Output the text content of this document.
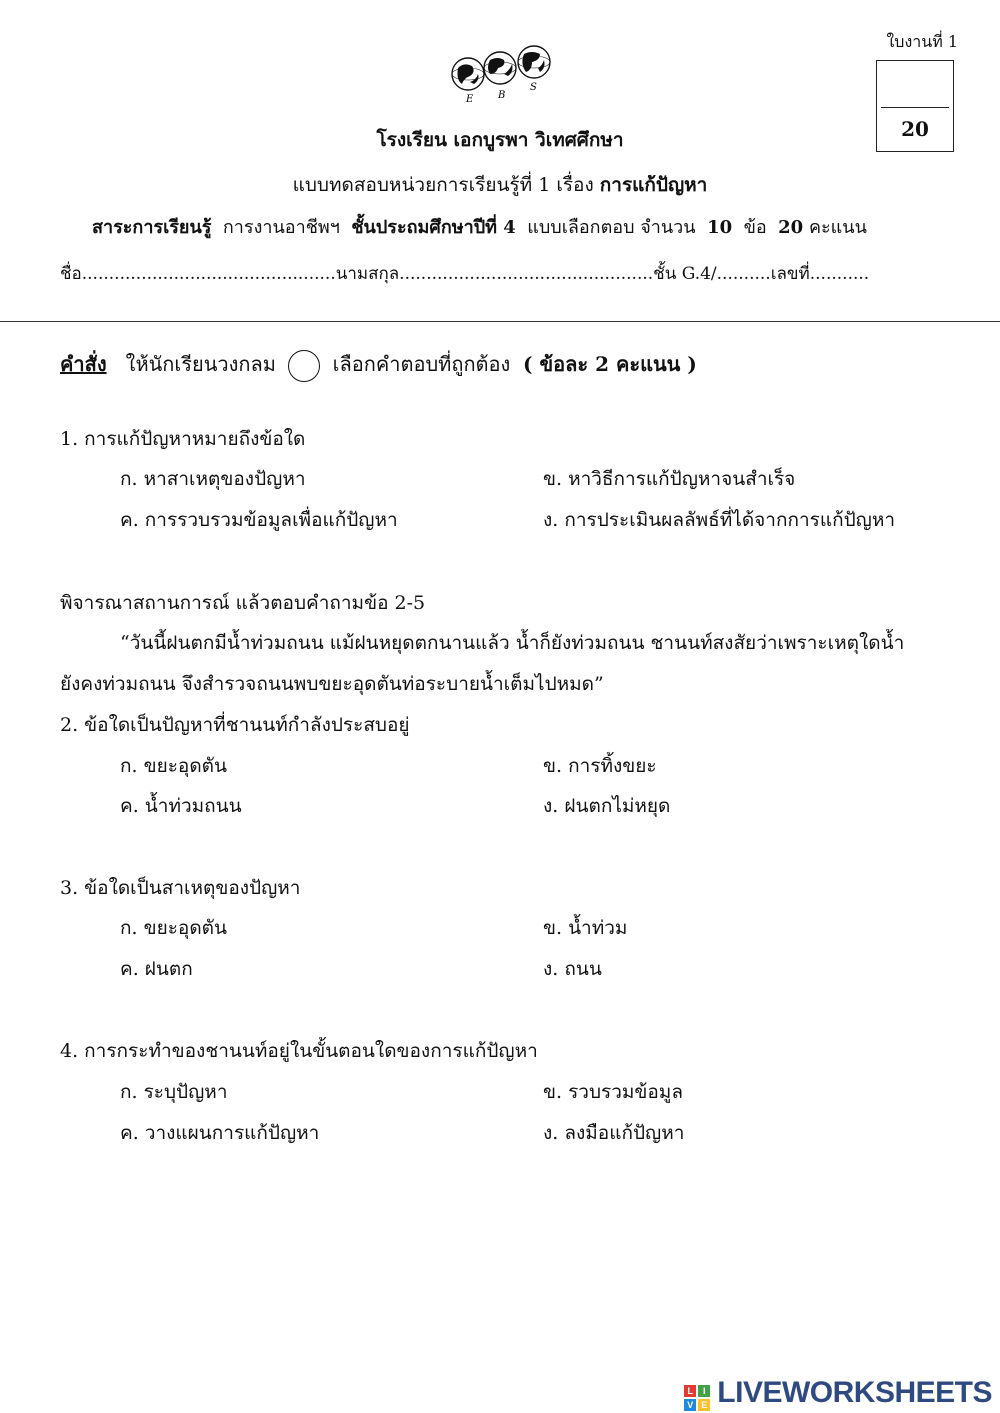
ใบงานที่ 1
20
E B
S
โรงเรียน เอกบูรพา วิเทศศึกษา
แบบทดสอบหน่วยการเรียนรู้ที่ 1 เรื่อง การแก้ปัญหา
สาระการเรียนรู้ การงานอาชีพฯ ชั้นประถมศึกษาปีที่ 4 แบบเลือกตอบ จำนวน 10 ข้อ 20 คะแนน
ชื่อ...............................................นามสกุล...............................................ชั้น G.4/..........เลขที่...........
คำสั่ง ให้นักเรียนวงกลม	เลือกคำตอบที่ถูกต้อง ( ข้อละ 2 คะแนน )
1. การแก้ปัญหาหมายถึงข้อใด
ก. หาสาเหตุของปัญหา	ข. หาวิธีการแก้ปัญหาจนสำเร็จ
ค. การรวบรวมข้อมูลเพื่อแก้ปัญหา	ง. การประเมินผลลัพธ์ที่ได้จากการแก้ปัญหา
พิจารณาสถานการณ์ แล้วตอบคำถามข้อ 2-5
“วันนี้ฝนตกมีน้ำท่วมถนน แม้ฝนหยุดตกนานแล้ว น้ำก็ยังท่วมถนน ชานนท์สงสัยว่าเพราะเหตุใดน้ำ
ยังคงท่วมถนน จึงสำรวจถนนพบขยะอุดตันท่อระบายน้ำเต็มไปหมด”
2. ข้อใดเป็นปัญหาที่ชานนท์กำลังประสบอยู่
ก. ขยะอุดตัน	ข. การทิ้งขยะ
ค. น้ำท่วมถนน	ง. ฝนตกไม่หยุด
3. ข้อใดเป็นสาเหตุของปัญหา
ก. ขยะอุดตัน	ข. น้ำท่วม
ค. ฝนตก	ง. ถนน
4. การกระทำของชานนท์อยู่ในขั้นตอนใดของการแก้ปัญหา
ก. ระบุปัญหา	ข. รวบรวมข้อมูล
ค. วางแผนการแก้ปัญหา	ง. ลงมือแก้ปัญหา
L	I
V E LIVEWORKSHEETS
